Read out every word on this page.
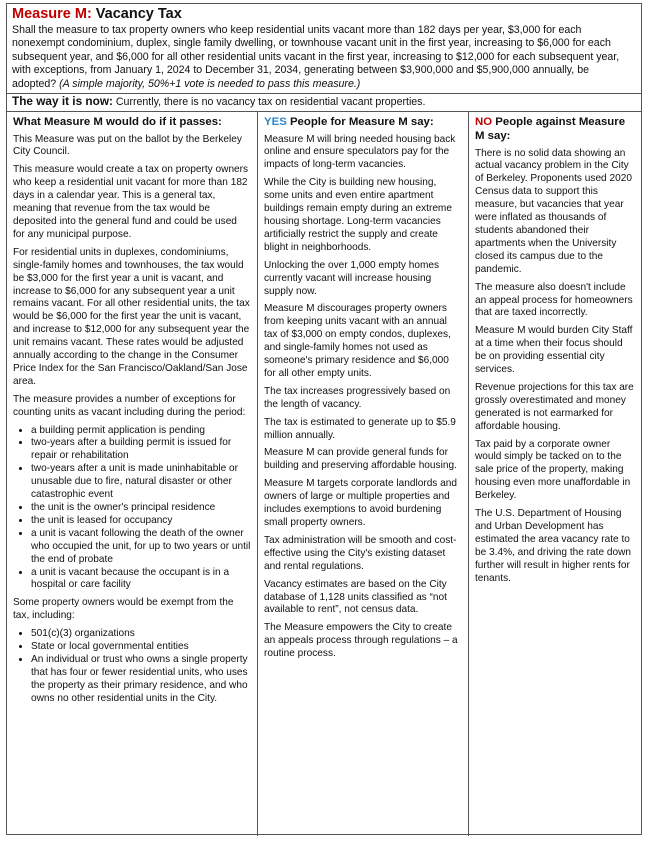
Measure M: Vacancy Tax
Shall the measure to tax property owners who keep residential units vacant more than 182 days per year, $3,000 for each nonexempt condominium, duplex, single family dwelling, or townhouse vacant unit in the first year, increasing to $6,000 for each subsequent year, and $6,000 for all other residential units vacant in the first year, increasing to $12,000 for each subsequent year, with exceptions, from January 1, 2024 to December 31, 2034, generating between $3,900,000 and $5,900,000 annually, be adopted? (A simple majority, 50%+1 vote is needed to pass this measure.)
The way it is now: Currently, there is no vacancy tax on residential vacant properties.
What Measure M would do if it passes:

This Measure was put on the ballot by the Berkeley City Council.

This measure would create a tax on property owners who keep a residential unit vacant for more than 182 days in a calendar year. This is a general tax, meaning that revenue from the tax would be deposited into the general fund and could be used for any municipal purpose.

For residential units in duplexes, condominiums, single-family homes and townhouses, the tax would be $3,000 for the first year a unit is vacant, and increase to $6,000 for any subsequent year a unit remains vacant. For all other residential units, the tax would be $6,000 for the first year the unit is vacant, and increase to $12,000 for any subsequent year the unit remains vacant. These rates would be adjusted annually according to the change in the Consumer Price Index for the San Francisco/Oakland/San Jose area.

The measure provides a number of exceptions for counting units as vacant including during the period:

• a building permit application is pending
• two-years after a building permit is issued for repair or rehabilitation
• two-years after a unit is made uninhabitable or unusable due to fire, natural disaster or other catastrophic event
• the unit is the owner's principal residence
• the unit is leased for occupancy
• a unit is vacant following the death of the owner who occupied the unit, for up to two years or until the end of probate
• a unit is vacant because the occupant is in a hospital or care facility

Some property owners would be exempt from the tax, including:

• 501(c)(3) organizations
• State or local governmental entities
• An individual or trust who owns a single property that has four or fewer residential units, who uses the property as their primary residence, and who owns no other residential units in the City.
YES People for Measure M say:

Measure M will bring needed housing back online and ensure speculators pay for the impacts of long-term vacancies.

While the City is building new housing, some units and even entire apartment buildings remain empty during an extreme housing shortage. Long-term vacancies artificially restrict the supply and create blight in neighborhoods.

Unlocking the over 1,000 empty homes currently vacant will increase housing supply now.

Measure M discourages property owners from keeping units vacant with an annual tax of $3,000 on empty condos, duplexes, and single-family homes not used as someone's primary residence and $6,000 for all other empty units.

The tax increases progressively based on the length of vacancy.

The tax is estimated to generate up to $5.9 million annually.

Measure M can provide general funds for building and preserving affordable housing.

Measure M targets corporate landlords and owners of large or multiple properties and includes exemptions to avoid burdening small property owners.

Tax administration will be smooth and cost-effective using the City's existing dataset and rental regulations.

Vacancy estimates are based on the City database of 1,128 units classified as “not available to rent”, not census data.

The Measure empowers the City to create an appeals process through regulations – a routine process.

NO People against Measure M say:

There is no solid data showing an actual vacancy problem in the City of Berkeley. Proponents used 2020 Census data to support this measure, but vacancies that year were inflated as thousands of students abandoned their apartments when the University closed its campus due to the pandemic.

The measure also doesn't include an appeal process for homeowners that are taxed incorrectly.

Measure M would burden City Staff at a time when their focus should be on providing essential city services.

Revenue projections for this tax are grossly overestimated and money generated is not earmarked for affordable housing.

Tax paid by a corporate owner would simply be tacked on to the sale price of the property, making housing even more unaffordable in Berkeley.

The U.S. Department of Housing and Urban Development has estimated the area vacancy rate to be 3.4%, and driving the rate down further will result in higher rents for tenants.
